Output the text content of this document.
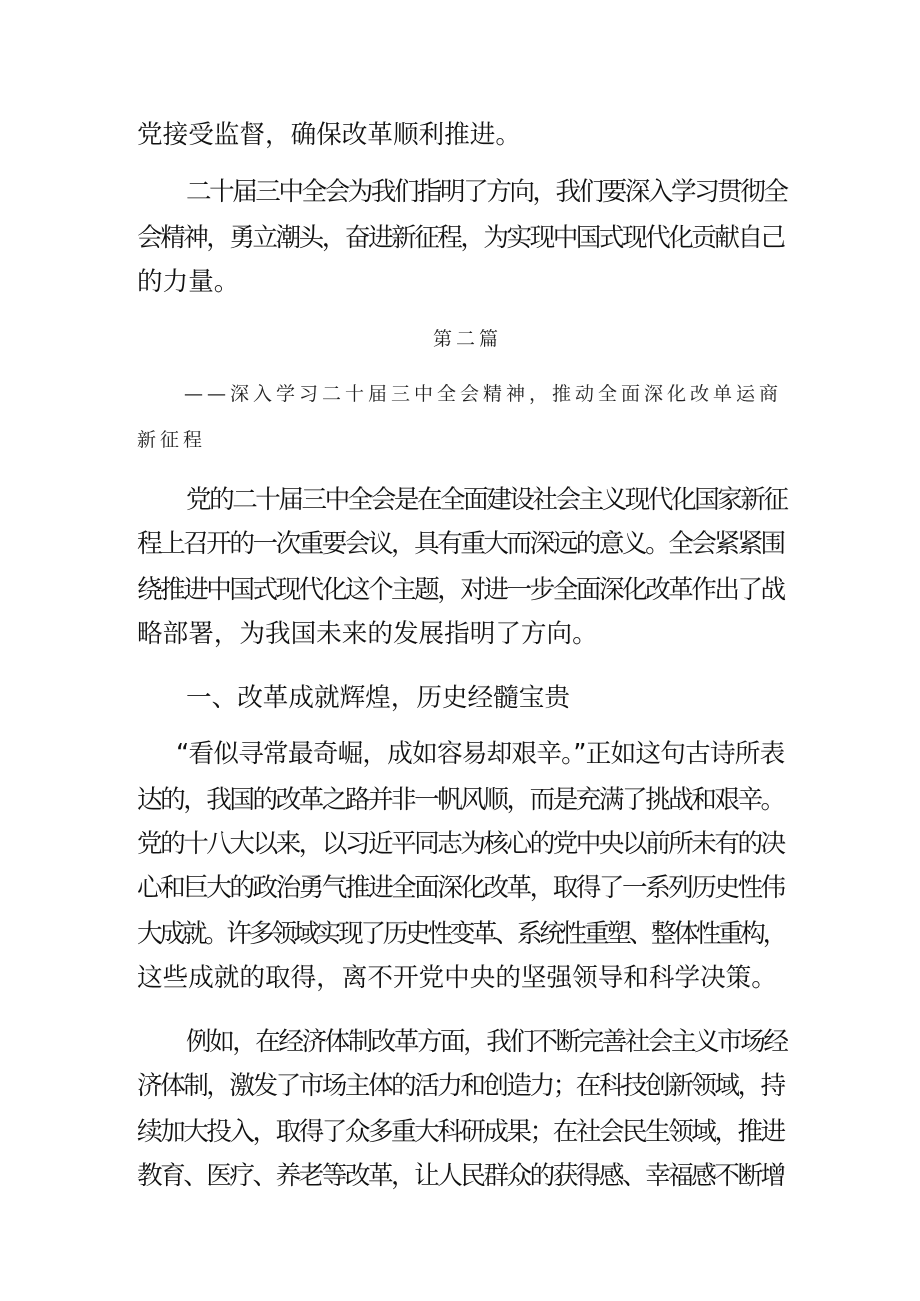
党接受监督，确保改革顺利推进。
二十届三中全会为我们指明了方向，我们要深入学习贯彻全
会精神，勇立潮头，奋进新征程，为实现中国式现代化贡献自己
的力量。
第二篇
——深入学习二十届三中全会精神，推动全面深化改单运商
新征程
党的二十届三中全会是在全面建设社会主义现代化国家新征
程上召开的一次重要会议，具有重大而深远的意义。全会紧紧围
绕推进中国式现代化这个主题，对进一步全面深化改革作出了战
略部署，为我国未来的发展指明了方向。
一、改革成就辉煌，历史经髓宝贵
“看似寻常最奇崛，成如容易却艰辛。”正如这句古诗所表
达的，我国的改革之路并非一帆风顺，而是充满了挑战和艰辛。
党的十八大以来，以习近平同志为核心的党中央以前所未有的决
心和巨大的政治勇气推进全面深化改革，取得了一系列历史性伟
大成就。许多领域实现了历史性变革、系统性重塑、整体性重构，
这些成就的取得，离不开党中央的坚强领导和科学决策。
例如，在经济体制改革方面，我们不断完善社会主义市场经
济体制，激发了市场主体的活力和创造力；在科技创新领域，持
续加大投入，取得了众多重大科研成果；在社会民生领域，推进
教育、医疗、养老等改革，让人民群众的获得感、幸福感不断增
